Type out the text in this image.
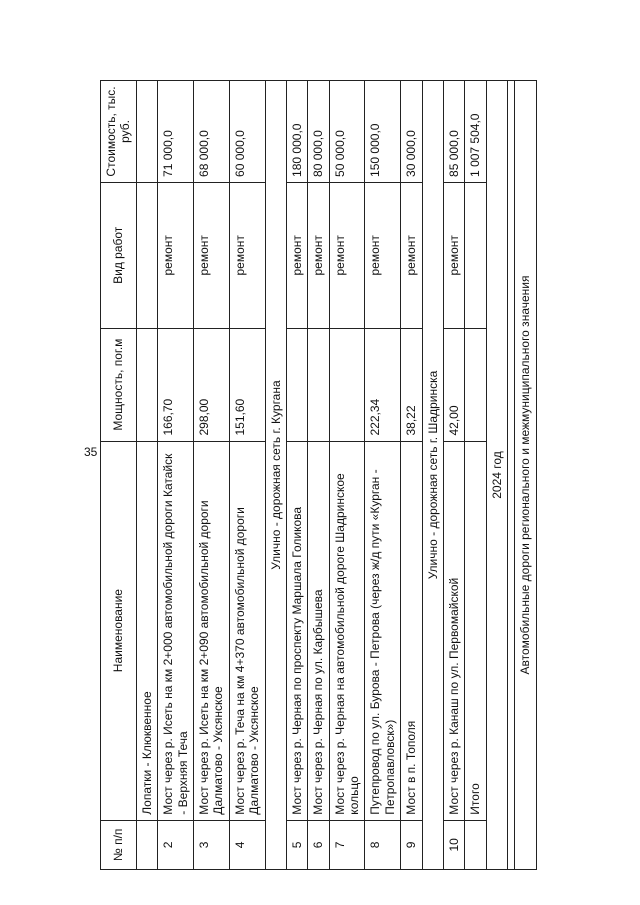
35
№ п/п	Наименование	Мощность, пог.м	Вид работ	Стоимость, тыс. руб.
	Лопатки - Клюквенное			
2	Мост через р. Исеть на км 2+000 автомобильной дороги Катайск - Верхняя Теча	166,70	ремонт	71 000,0
3	Мост через р. Исеть на км 2+090 автомобильной дороги Далматово - Уксянское	298,00	ремонт	68 000,0
4	Мост через р. Теча на км 4+370 автомобильной дороги Далматово - Уксянское	151,60	ремонт	60 000,0
Улично - дорожная сеть г. Кургана				
5	Мост через р. Черная по проспекту Маршала Голикова		ремонт	180 000,0
6	Мост через р. Черная по ул. Карбышева		ремонт	80 000,0
7	Мост через р. Черная на автомобильной дороге Шадринское кольцо		ремонт	50 000,0
8	Путепровод по ул. Бурова - Петрова (через ж/д пути «Курган - Петропавловск»)	222,34	ремонт	150 000,0
9	Мост в п. Тополя	38,22	ремонт	30 000,0
Улично - дорожная сеть г. Шадринска				
10	Мост через р. Канаш по ул. Первомайской	42,00	ремонт	85 000,0
	Итого			1 007 504,0
2024 год				

Автомобильные дороги регионального и межмуниципального значения				
